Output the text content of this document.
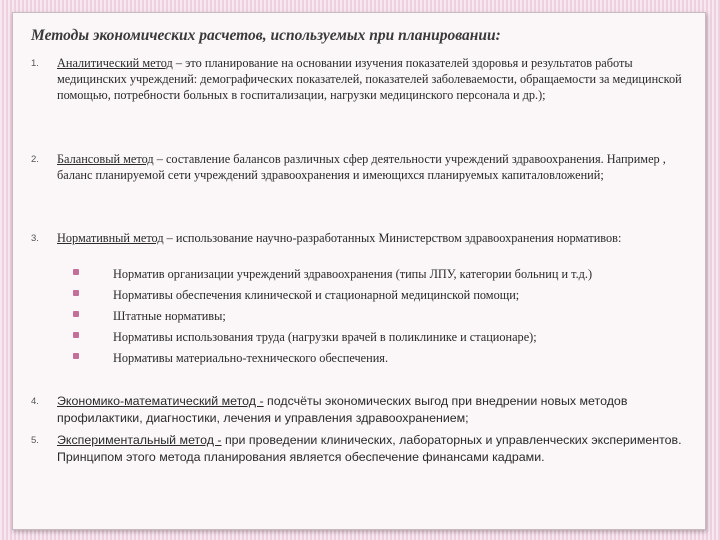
Методы экономических расчетов, используемых при планировании:
1. Аналитический метод – это планирование на основании изучения показателей здоровья и результатов работы медицинских учреждений: демографических показателей, показателей заболеваемости, обращаемости за медицинской помощью, потребности больных в госпитализации, нагрузки медицинского персонала и др.);
2. Балансовый метод – составление балансов различных сфер деятельности учреждений здравоохранения. Например , баланс планируемой сети учреждений здравоохранения и имеющихся планируемых капиталовложений;
3. Нормативный метод – использование научно-разработанных Министерством здравоохранения нормативов:
Норматив организации учреждений здравоохранения (типы ЛПУ, категории больниц и т.д.)
Нормативы обеспечения клинической и стационарной медицинской помощи;
Штатные нормативы;
Нормативы использования труда (нагрузки врачей в поликлинике и стационаре);
Нормативы материально-технического обеспечения.
4. Экономико-математический метод - подсчёты экономических выгод при внедрении новых методов профилактики, диагностики, лечения и управления здравоохранением;
5. Экспериментальный метод - при проведении клинических, лабораторных и управленческих экспериментов. Принципом этого метода планирования является обеспечение финансами кадрами.
